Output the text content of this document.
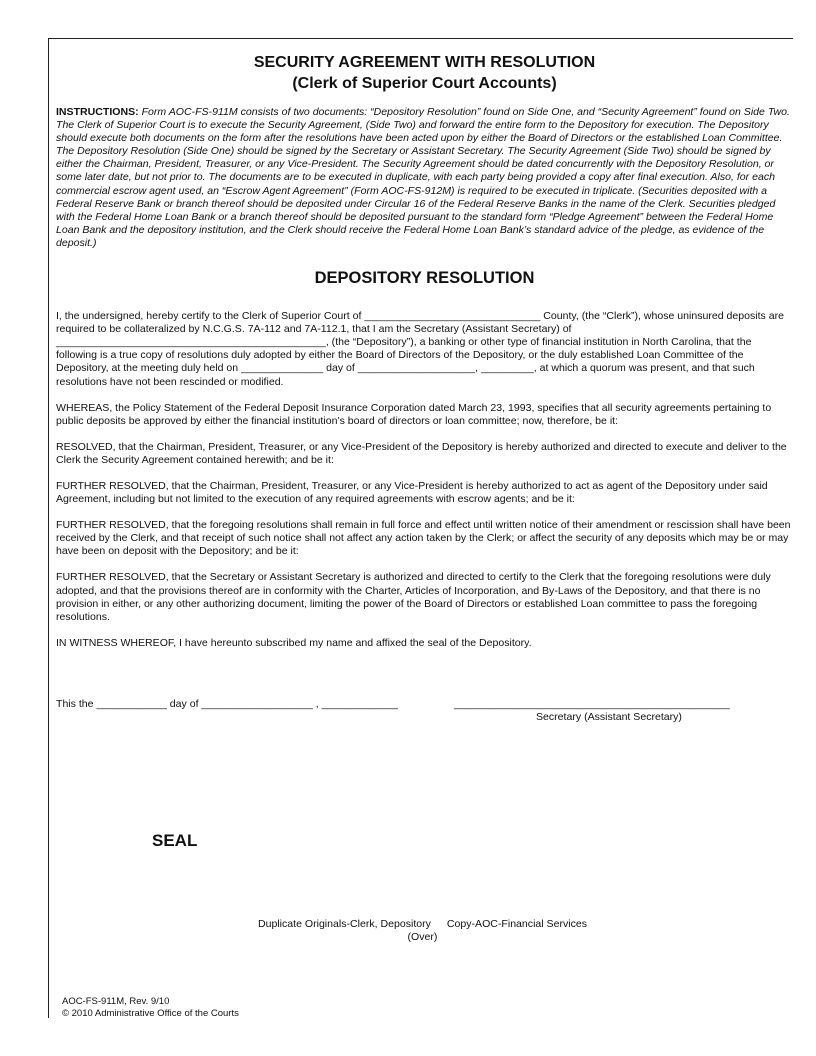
SECURITY AGREEMENT WITH RESOLUTION
(Clerk of Superior Court Accounts)
INSTRUCTIONS: Form AOC-FS-911M consists of two documents: “Depository Resolution” found on Side One, and “Security Agreement” found on Side Two. The Clerk of Superior Court is to execute the Security Agreement, (Side Two) and forward the entire form to the Depository for execution. The Depository should execute both documents on the form after the resolutions have been acted upon by either the Board of Directors or the established Loan Committee. The Depository Resolution (Side One) should be signed by the Secretary or Assistant Secretary. The Security Agreement (Side Two) should be signed by either the Chairman, President, Treasurer, or any Vice-President. The Security Agreement should be dated concurrently with the Depository Resolution, or some later date, but not prior to. The documents are to be executed in duplicate, with each party being provided a copy after final execution. Also, for each commercial escrow agent used, an “Escrow Agent Agreement” (Form AOC-FS-912M) is required to be executed in triplicate. (Securities deposited with a Federal Reserve Bank or branch thereof should be deposited under Circular 16 of the Federal Reserve Banks in the name of the Clerk. Securities pledged with the Federal Home Loan Bank or a branch thereof should be deposited pursuant to the standard form “Pledge Agreement” between the Federal Home Loan Bank and the depository institution, and the Clerk should receive the Federal Home Loan Bank’s standard advice of the pledge, as evidence of the deposit.)
DEPOSITORY RESOLUTION

I, the undersigned, hereby certify to the Clerk of Superior Court of ______________________________ County, (the “Clerk”), whose uninsured deposits are required to be collateralized by N.C.G.S. 7A-112 and 7A-112.1, that I am the Secretary (Assistant Secretary) of ______________________________________________, (the “Depository”), a banking or other type of financial institution in North Carolina, that the following is a true copy of resolutions duly adopted by either the Board of Directors of the Depository, or the duly established Loan Committee of the Depository, at the meeting duly held on ______________ day of ____________________, _________, at which a quorum was present, and that such resolutions have not been rescinded or modified.

WHEREAS, the Policy Statement of the Federal Deposit Insurance Corporation dated March 23, 1993, specifies that all security agreements pertaining to public deposits be approved by either the financial institution’s board of directors or loan committee; now, therefore, be it:

RESOLVED, that the Chairman, President, Treasurer, or any Vice-President of the Depository is hereby authorized and directed to execute and deliver to the Clerk the Security Agreement contained herewith; and be it:

FURTHER RESOLVED, that the Chairman, President, Treasurer, or any Vice-President is hereby authorized to act as agent of the Depository under said Agreement, including but not limited to the execution of any required agreements with escrow agents; and be it:

FURTHER RESOLVED, that the foregoing resolutions shall remain in full force and effect until written notice of their amendment or rescission shall have been received by the Clerk, and that receipt of such notice shall not affect any action taken by the Clerk; or affect the security of any deposits which may be or may have been on deposit with the Depository; and be it:

FURTHER RESOLVED, that the Secretary or Assistant Secretary is authorized and directed to certify to the Clerk that the foregoing resolutions were duly adopted, and that the provisions thereof are in conformity with the Charter, Articles of Incorporation, and By-Laws of the Depository, and that there is no provision in either, or any other authorizing document, limiting the power of the Board of Directors or established Loan committee to pass the foregoing resolutions.

IN WITNESS WHEREOF, I have hereunto subscribed my name and affixed the seal of the Depository.

This the ____________ day of ___________________ , _____________	_______________________________________________
Secretary (Assistant Secretary)
SEAL
Duplicate Originals-Clerk, Depository Copy-AOC-Financial Services
(Over)
AOC-FS-911M, Rev. 9/10
© 2010 Administrative Office of the Courts
